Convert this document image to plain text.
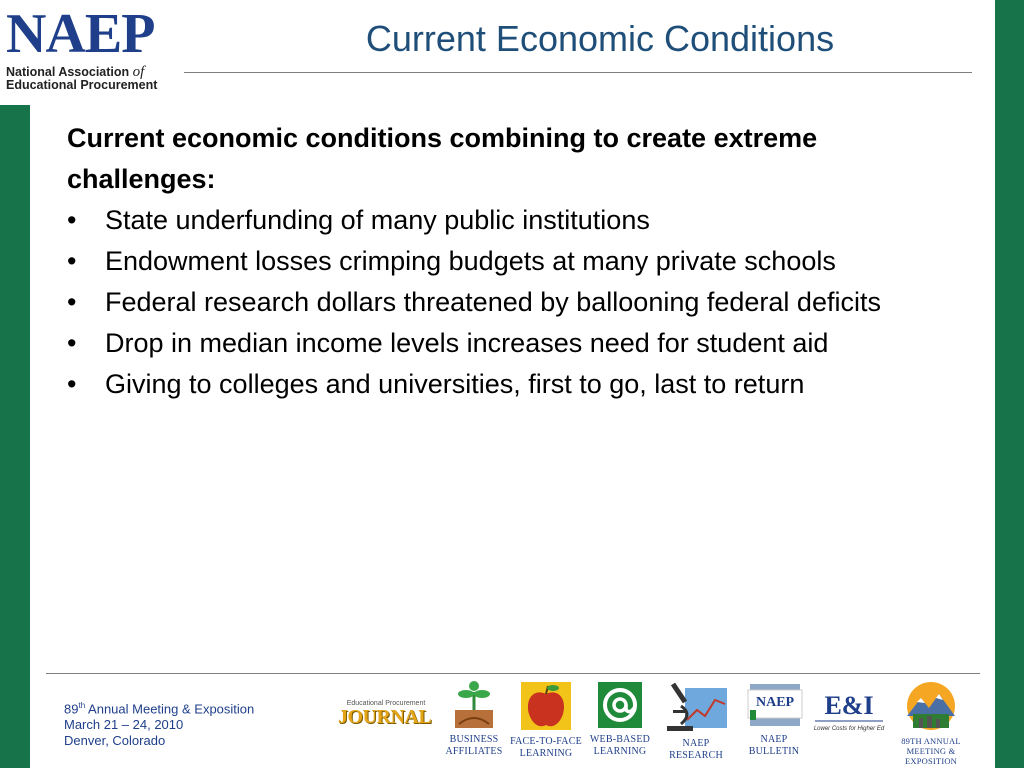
NAEP
National Association of
Educational Procurement
Current Economic Conditions
Current economic conditions combining to create extreme challenges:
• State underfunding of many public institutions
• Endowment losses crimping budgets at many private schools
• Federal research dollars threatened by ballooning federal deficits
• Drop in median income levels increases need for student aid
• Giving to colleges and universities, first to go, last to return
89th Annual Meeting & Exposition
March 21 – 24, 2010
Denver, Colorado
Educational Procurement
JOURNAL
BUSINESS AFFILIATES
FACE-TO-FACE LEARNING
WEB-BASED LEARNING
NAEP RESEARCH
NAEP
NAEP BULLETIN
E&I
Lower Costs for Higher Ed
89TH ANNUAL MEETING & EXPOSITION
